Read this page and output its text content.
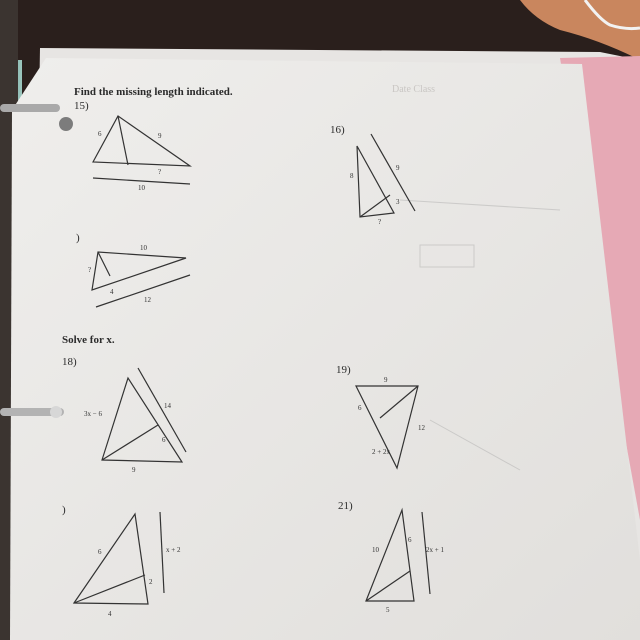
Find the missing length indicated.
Solve for x.
Date Class
15)
6	9
?
10
16)
8
9
3
?
)
10
?
4
12
18)
3x − 6
14
6
9
19)
9
6
12
2 + 2x
)
6	x + 2
2
4
21)
10
6
2x + 1
5
